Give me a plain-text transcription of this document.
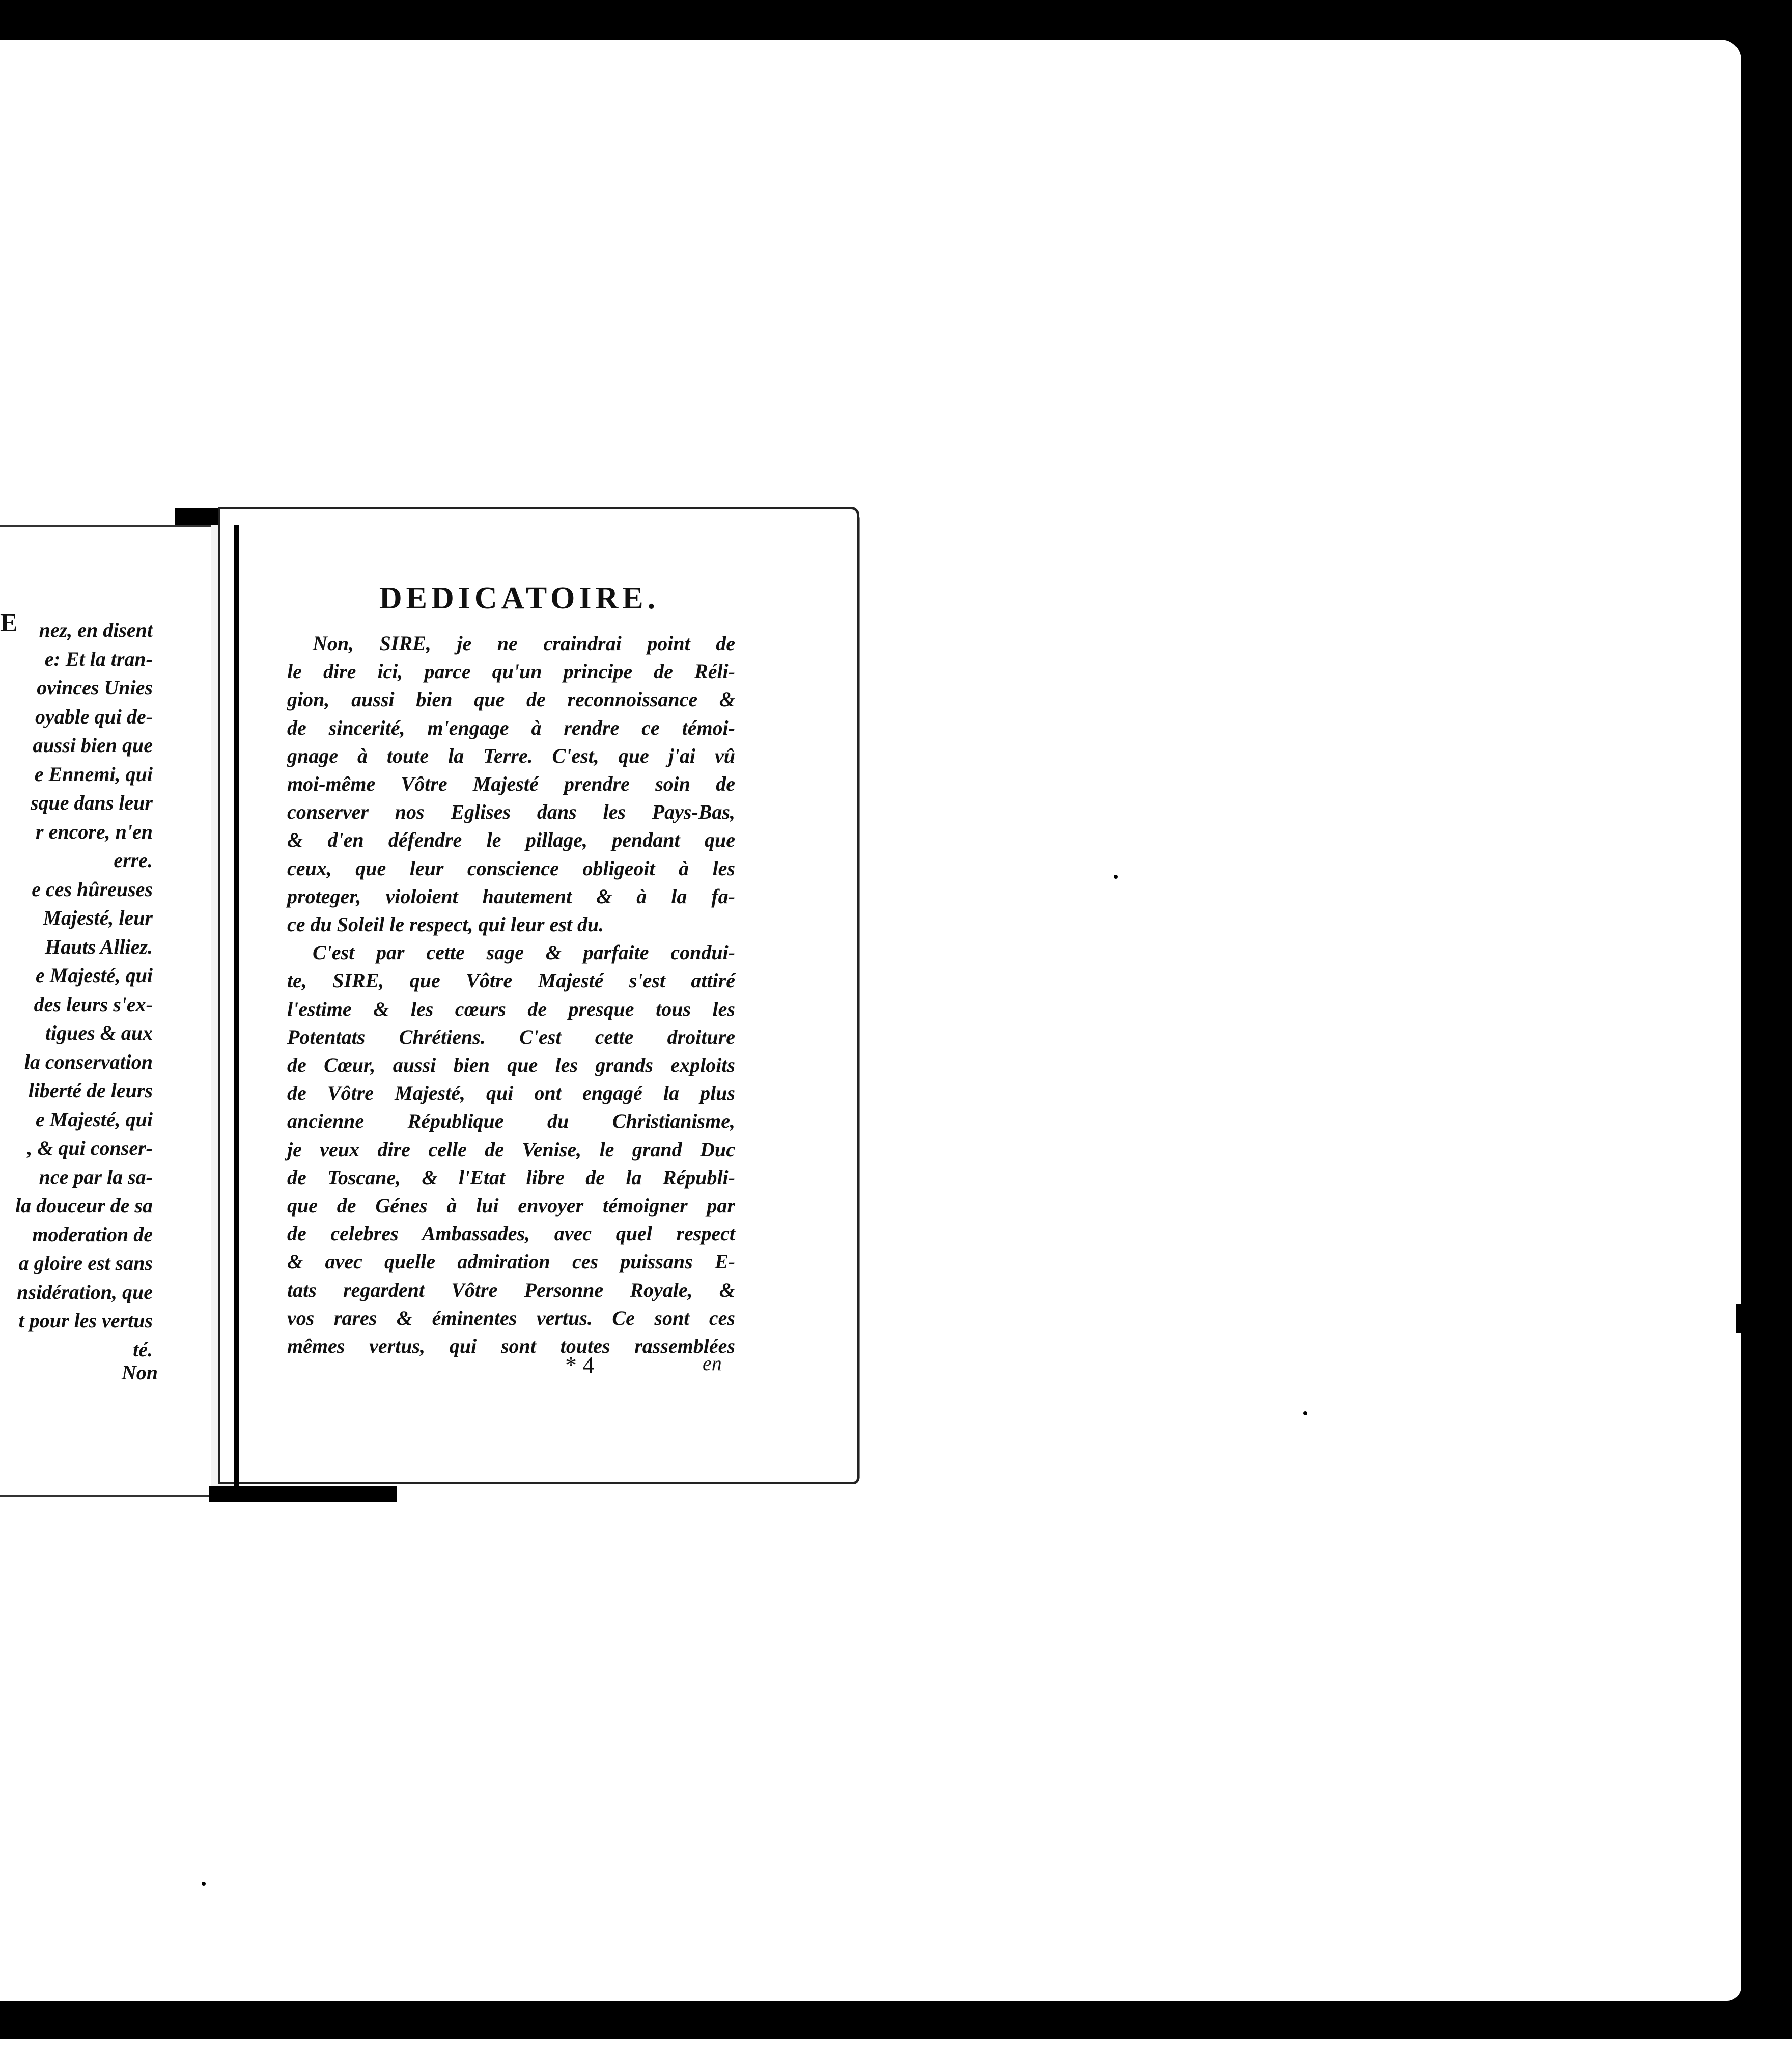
U
E	nez, en disent
e: Et la tran-
ovinces Unies
oyable qui de-
aussi bien que
e Ennemi, qui
sque dans leur
r encore, n'en
erre.
e ces hûreuses
Majesté, leur
Hauts Alliez.
e Majesté, qui
des leurs s'ex-
tigues & aux
la conservation
liberté de leurs
e Majesté, qui
, & qui conser-
nce par la sa-
la douceur de sa
moderation de
a gloire est sans
nsidération, que
t pour les vertus
té.
Non
DEDICATOIRE.
Non, SIRE, je ne craindrai point de
le dire ici, parce qu'un principe de Réli-
gion, aussi bien que de reconnoissance &
de sincerité, m'engage à rendre ce témoi-
gnage à toute la Terre. C'est, que j'ai vû
moi-même Vôtre Majesté prendre soin de
conserver nos Eglises dans les Pays-Bas,
& d'en défendre le pillage, pendant que
ceux, que leur conscience obligeoit à les
proteger, violoient hautement & à la fa-
ce du Soleil le respect, qui leur est du.
C'est par cette sage & parfaite condui-
te, SIRE, que Vôtre Majesté s'est attiré
l'estime & les cœurs de presque tous les
Potentats Chrétiens. C'est cette droiture
de Cœur, aussi bien que les grands exploits
de Vôtre Majesté, qui ont engagé la plus
ancienne République du Christianisme,
je veux dire celle de Venise, le grand Duc
de Toscane, & l'Etat libre de la Républi-
que de Génes à lui envoyer témoigner par
de celebres Ambassades, avec quel respect
& avec quelle admiration ces puissans E-
tats regardent Vôtre Personne Royale, &
vos rares & éminentes vertus. Ce sont ces
mêmes vertus, qui sont toutes rassemblées
* 4	en
